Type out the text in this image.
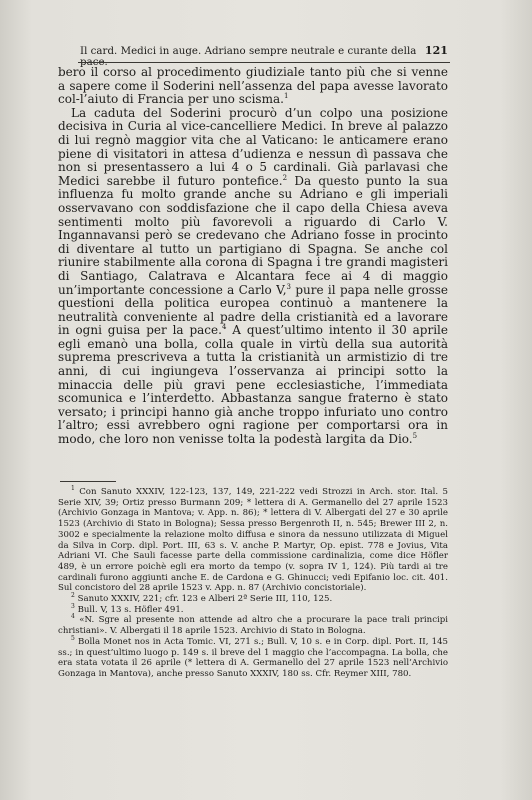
Il card. Medici in auge. Adriano sempre neutrale e curante della 121

bero il corso al procedimento giudiziale tanto più che si venne a sapere come il Soderini nell’assenza del papa avesse lavorato col-l’aiuto di Francia per uno scisma.$^1$

La caduta del Soderini procurò d’un colpo una posizione decisiva in Curia al vice-cancelliere Medici. In breve al palazzo di lui regnò maggior vita che al Vaticano: le anticamere erano piene di visitatori in attesa d’udienza e nessun dì passava che non si presentassero a lui 4 o 5 cardinali. Già parlavasi che Medici sarebbe il futuro pontefice.$^2$ Da questo punto la sua influenza fu molto grande anche su Adriano e gli imperiali osservavano con soddisfazione che il capo della Chiesa aveva sentimenti molto più favorevoli a riguardo di Carlo V. Ingannavansi però se credevano che Adriano fosse in procinto di diventare al tutto un partigiano di Spagna. Se anche col riunire stabilmente alla corona di Spagna i tre grandi magisteri di Santiago, Calatrava e Alcantara fece ai 4 di maggio un’importante concessione a Carlo V,$^3$ pure il papa nelle grosse questioni della politica europea continuò a mantenere la neutralità conveniente al padre della cristianità ed a lavorare in ogni guisa per la pace.$^4$ A quest’ultimo intento il 30 aprile egli emanò una bolla, colla quale in virtù della sua autorità suprema prescriveva a tutta la cristianità un armistizio di tre anni, di cui ingiungeva l’osservanza ai principi sotto la minaccia delle più gravi pene ecclesiastiche, l’immediata scomunica e l’interdetto. Abbastanza sangue fraterno è stato versato; i principi hanno già anche troppo infuriato uno contro l’altro; essi avrebbero ogni ragione per comportarsi ora in modo, che loro non venisse tolta la podestà largita da Dio.$^5$

$^1$ Con Sanuto XXXIV, 122-123, 137, 149, 221-222 vedi Strozzi in Arch. stor. Ital. 5 Serie XIV, 39; Ortiz presso Burmann 209; * lettera di A. Germanello del 27 aprile 1523 (Archivio Gonzaga in Mantova; v. App. n. 86); * lettera di V. Albergati del 27 e 30 aprile 1523 (Archivio di Stato in Bologna); Sessa presso Bergenroth II, n. 545; Brewer III 2, n. 3002 e specialmente la relazione molto diffusa e sinora da nessuno utilizzata di Miguel da Silva in Corp. dipl. Port. III, 63 s. V. anche P. Martyr, Op. epist. 778 e Jovius, Vita Adriani VI. Che Sauli facesse parte della commissione cardinalizia, come dice Höfler 489, è un errore poichè egli era morto da tempo (v. sopra IV 1, 124). Più tardi ai tre cardinali furono aggiunti anche E. de Cardona e G. Ghinucci; vedi Epifanio loc. cit. 401. Sul concistoro del 28 aprile 1523 v. App. n. 87 (Archivio concistoriale).

$^2$ Sanuto XXXIV, 221; cfr. 123 e Alberi 2ª Serie III, 110, 125.

$^3$ Bull. V, 13 s. Höfler 491.

$^4$ «N. Sgre al presente non attende ad altro che a procurare la pace trali principi christiani». V. Albergati il 18 aprile 1523. Archivio di Stato in Bologna.

$^5$ Bolla Monet nos in Acta Tomic. VI, 271 s.; Bull. V, 10 s. e in Corp. dipl. Port. II, 145 ss.; in quest’ultimo luogo p. 149 s. il breve del 1 maggio che l’accompagna. La bolla, che era stata votata il 26 aprile (* lettera di A. Germanello del 27 aprile 1523 nell’Archivio Gonzaga in Mantova), anche presso Sanuto XXXIV, 180 ss. Cfr. Reymer XIII, 780.
